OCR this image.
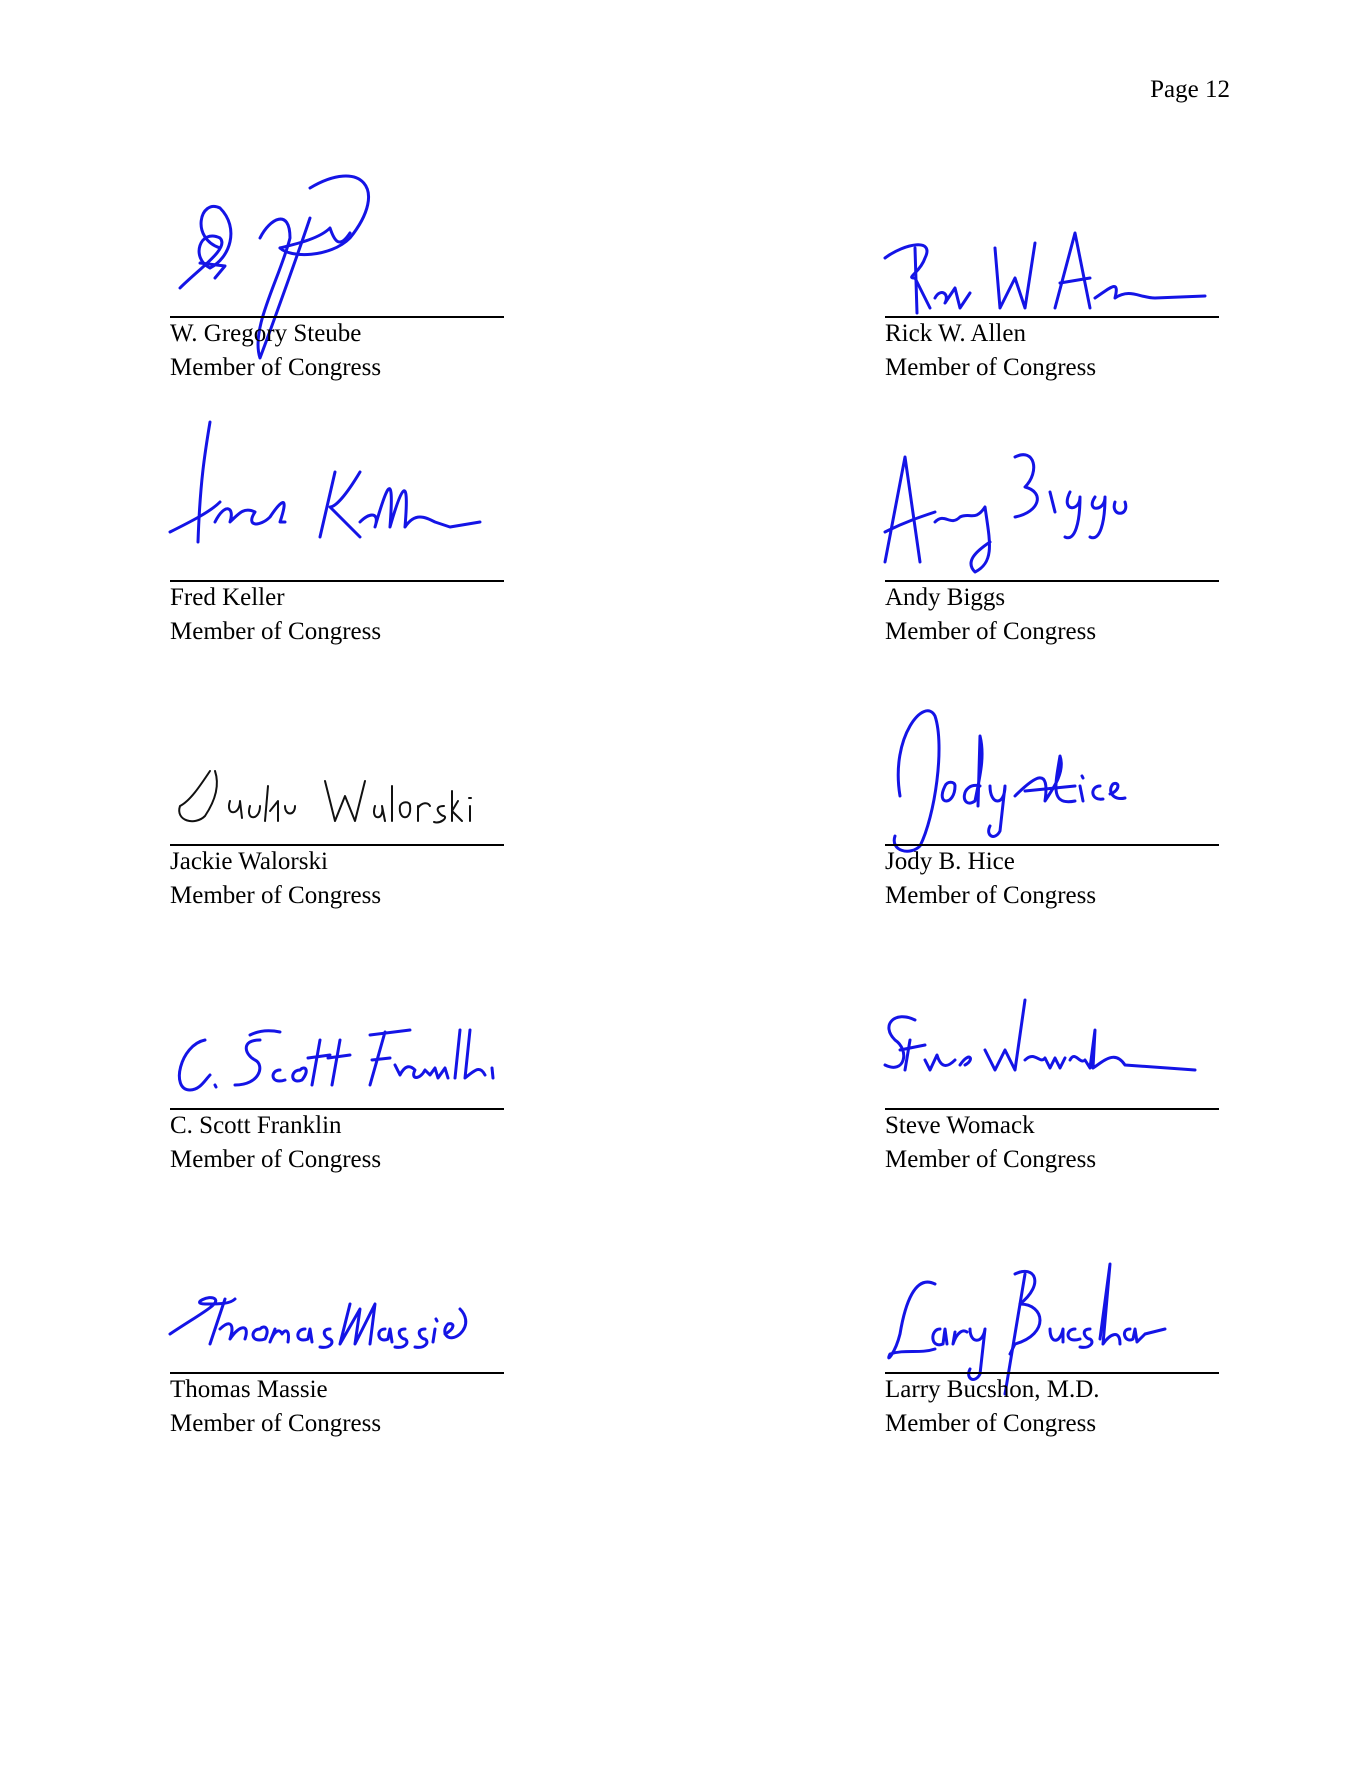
Page 12
W. Gregory Steube
Member of Congress
Rick W. Allen
Member of Congress
Fred Keller
Member of Congress
Andy Biggs
Member of Congress
Jackie Walorski
Member of Congress
Jody B. Hice
Member of Congress
C. Scott Franklin
Member of Congress
Steve Womack
Member of Congress
Thomas Massie
Member of Congress
Larry Bucshon, M.D.
Member of Congress
